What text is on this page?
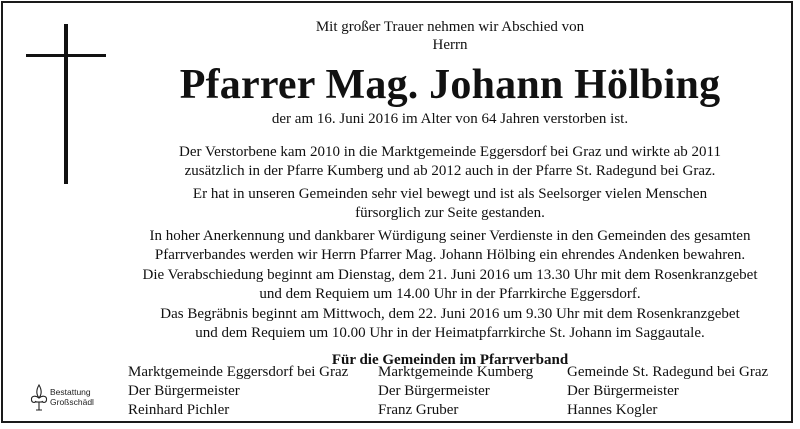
Mit großer Trauer nehmen wir Abschied von
Herrn
Pfarrer Mag. Johann Hölbing
der am 16. Juni 2016 im Alter von 64 Jahren verstorben ist.
Der Verstorbene kam 2010 in die Marktgemeinde Eggersdorf bei Graz und wirkte ab 2011
zusätzlich in der Pfarre Kumberg und ab 2012 auch in der Pfarre St. Radegund bei Graz.
Er hat in unseren Gemeinden sehr viel bewegt und ist als Seelsorger vielen Menschen
fürsorglich zur Seite gestanden.
In hoher Anerkennung und dankbarer Würdigung seiner Verdienste in den Gemeinden des gesamten
Pfarrverbandes werden wir Herrn Pfarrer Mag. Johann Hölbing ein ehrendes Andenken bewahren.
Die Verabschiedung beginnt am Dienstag, dem 21. Juni 2016 um 13.30 Uhr mit dem Rosenkranzgebet
und dem Requiem um 14.00 Uhr in der Pfarrkirche Eggersdorf.
Das Begräbnis beginnt am Mittwoch, dem 22. Juni 2016 um 9.30 Uhr mit dem Rosenkranzgebet
und dem Requiem um 10.00 Uhr in der Heimatpfarrkirche St. Johann im Saggautale.
Für die Gemeinden im Pfarrverband
Marktgemeinde Eggersdorf bei Graz
Der Bürgermeister
Reinhard Pichler
Marktgemeinde Kumberg
Der Bürgermeister
Franz Gruber
Gemeinde St. Radegund bei Graz
Der Bürgermeister
Hannes Kogler
Bestattung
Großschädl
